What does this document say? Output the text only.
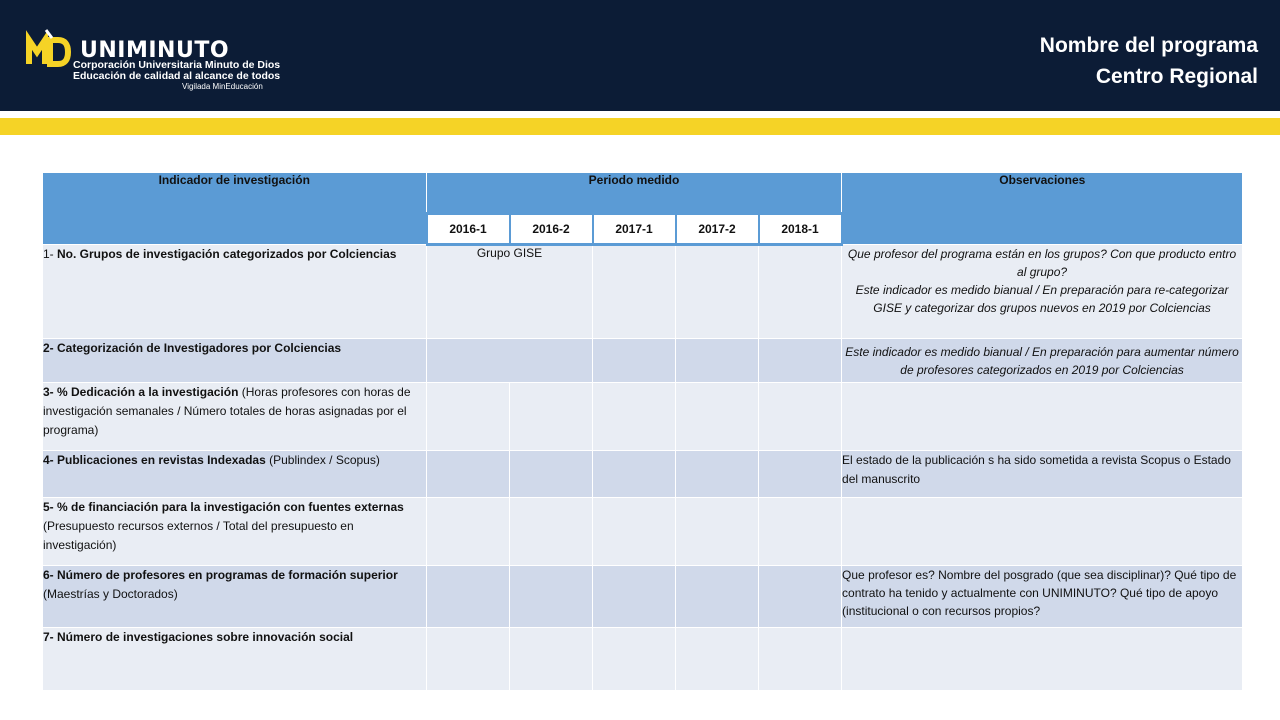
UNIMINUTO
Corporación Universitaria Minuto de Dios
Educación de calidad al alcance de todos
Vigilada MinEducación
Nombre del programa
Centro Regional
Indicador de investigación	Periodo medido					Observaciones
	2016-1	2016-2	2017-1	2017-2	2018-1	
1- No. Grupos de investigación categorizados por Colciencias	Grupo GISE					Que profesor del programa están en los grupos? Con que producto entro al grupo?
Este indicador es medido bianual / En preparación para re-categorizar GISE y categorizar dos grupos nuevos en 2019 por Colciencias

2- Categorización de Investigadores por Colciencias						Este indicador es medido bianual / En preparación para aumentar número de profesores categorizados en 2019 por Colciencias
3- % Dedicación a la investigación (Horas profesores con horas de investigación semanales / Número totales de horas asignadas por el programa)						
4- Publicaciones en revistas Indexadas (Publindex / Scopus)						El estado de la publicación s ha sido sometida a revista Scopus o Estado del manuscrito
5- % de financiación para la investigación con fuentes externas (Presupuesto recursos externos / Total del presupuesto en investigación)						
6- Número de profesores en programas de formación superior (Maestrías y Doctorados)						Que profesor es? Nombre del posgrado (que sea disciplinar)? Qué tipo de contrato ha tenido y actualmente con UNIMINUTO? Qué tipo de apoyo (institucional o con recursos propios?
7- Número de investigaciones sobre innovación social						
